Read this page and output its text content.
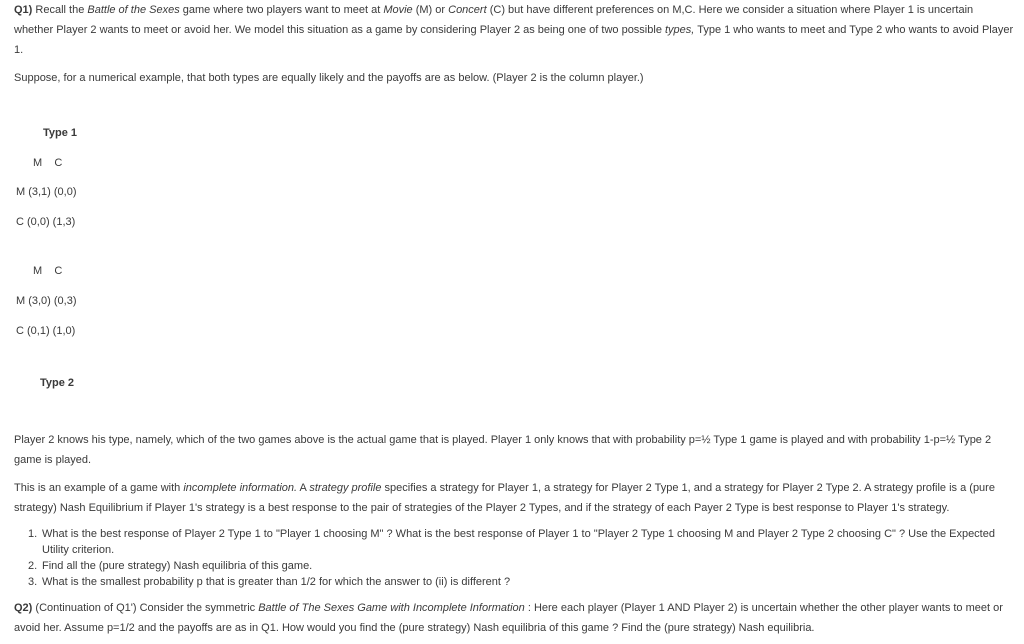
Q1) Recall the Battle of the Sexes game where two players want to meet at Movie (M) or Concert (C) but have different preferences on M,C. Here we consider a situation where Player 1 is uncertain whether Player 2 wants to meet or avoid her. We model this situation as a game by considering Player 2 as being one of two possible types, Type 1 who wants to meet and Type 2 who wants to avoid Player 1.
Suppose, for a numerical example, that both types are equally likely and the payoffs are as below. (Player 2 is the column player.)
Type 1
M    C
M (3,1) (0,0)
C (0,0) (1,3)
M    C
M (3,0) (0,3)
C (0,1) (1,0)
Type 2
Player 2 knows his type, namely, which of the two games above is the actual game that is played. Player 1 only knows that with probability p=½ Type 1 game is played and with probability 1-p=½ Type 2 game is played.
This is an example of a game with incomplete information. A strategy profile specifies a strategy for Player 1, a strategy for Player 2 Type 1, and a strategy for Player 2 Type 2. A strategy profile is a (pure strategy) Nash Equilibrium if Player 1's strategy is a best response to the pair of strategies of the Player 2 Types, and if the strategy of each Payer 2 Type is best response to Player 1's strategy.
1. What is the best response of Player 2 Type 1 to "Player 1 choosing M" ? What is the best response of Player 1 to "Player 2 Type 1 choosing M and Player 2 Type 2 choosing C" ? Use the Expected Utility criterion.
2. Find all the (pure strategy) Nash equilibria of this game.
3. What is the smallest probability p that is greater than 1/2 for which the answer to (ii) is different ?
Q2) (Continuation of Q1') Consider the symmetric Battle of The Sexes Game with Incomplete Information : Here each player (Player 1 AND Player 2) is uncertain whether the other player wants to meet or avoid her. Assume p=1/2 and the payoffs are as in Q1. How would you find the (pure strategy) Nash equilibria of this game ? Find the (pure strategy) Nash equilibria.
